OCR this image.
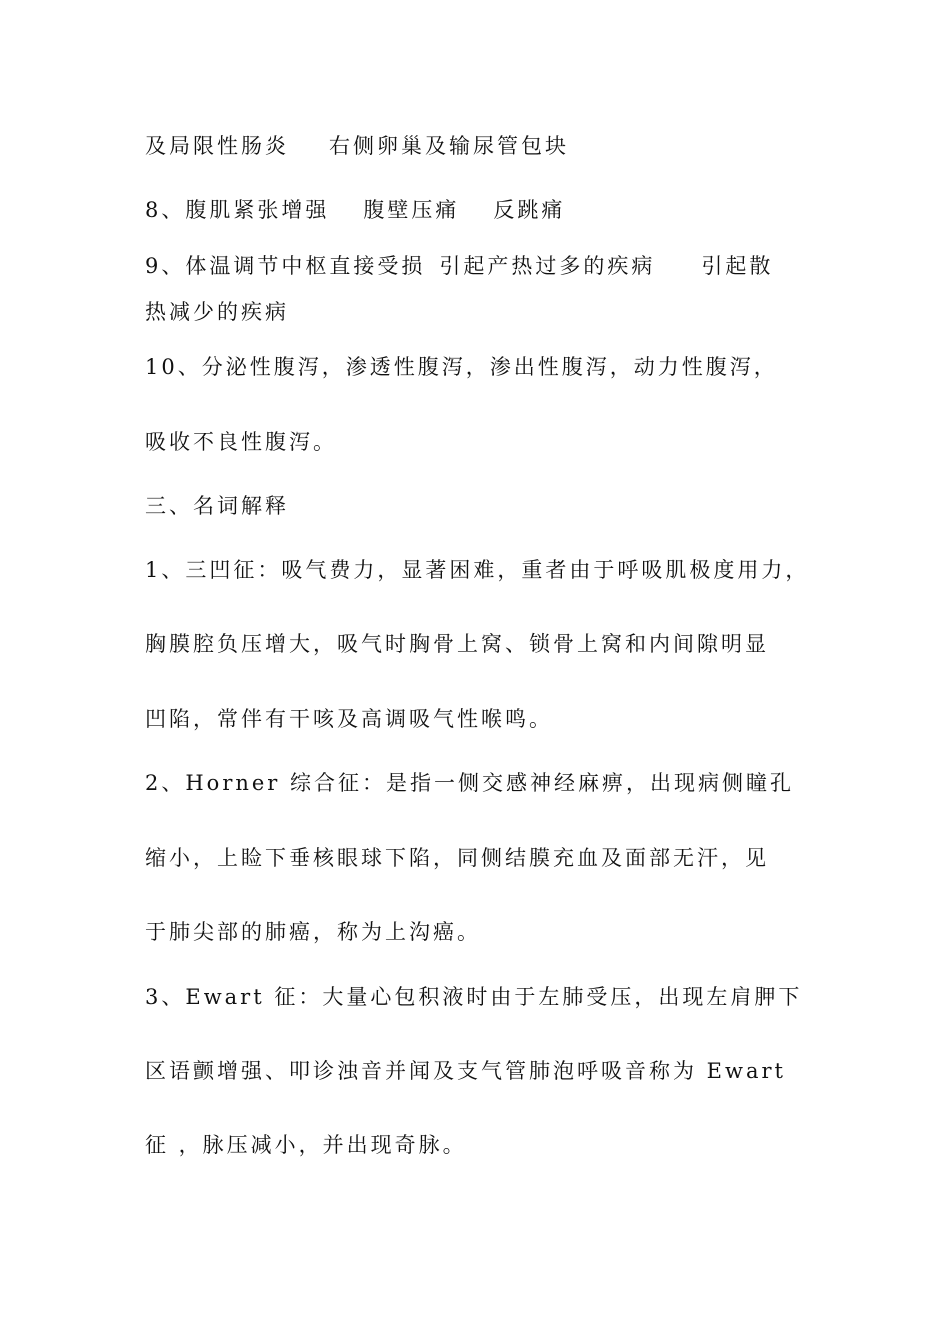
及局限性肠炎 右侧卵巢及输尿管包块

8、腹肌紧张增强 腹壁压痛 反跳痛

9、体温调节中枢直接受损 引起产热过多的疾病 引起散

热减少的疾病

10、分泌性腹泻，渗透性腹泻，渗出性腹泻，动力性腹泻，

吸收不良性腹泻。

三、名词解释

1、三凹征：吸气费力，显著困难，重者由于呼吸肌极度用力，

胸膜腔负压增大，吸气时胸骨上窝、锁骨上窝和内间隙明显

凹陷，常伴有干咳及高调吸气性喉鸣。

2、Horner 综合征：是指一侧交感神经麻痹，出现病侧瞳孔

缩小，上睑下垂核眼球下陷，同侧结膜充血及面部无汗，见

于肺尖部的肺癌，称为上沟癌。

3、Ewart 征：大量心包积液时由于左肺受压，出现左肩胛下

区语颤增强、叩诊浊音并闻及支气管肺泡呼吸音称为 Ewart

征 ，脉压减小，并出现奇脉。
